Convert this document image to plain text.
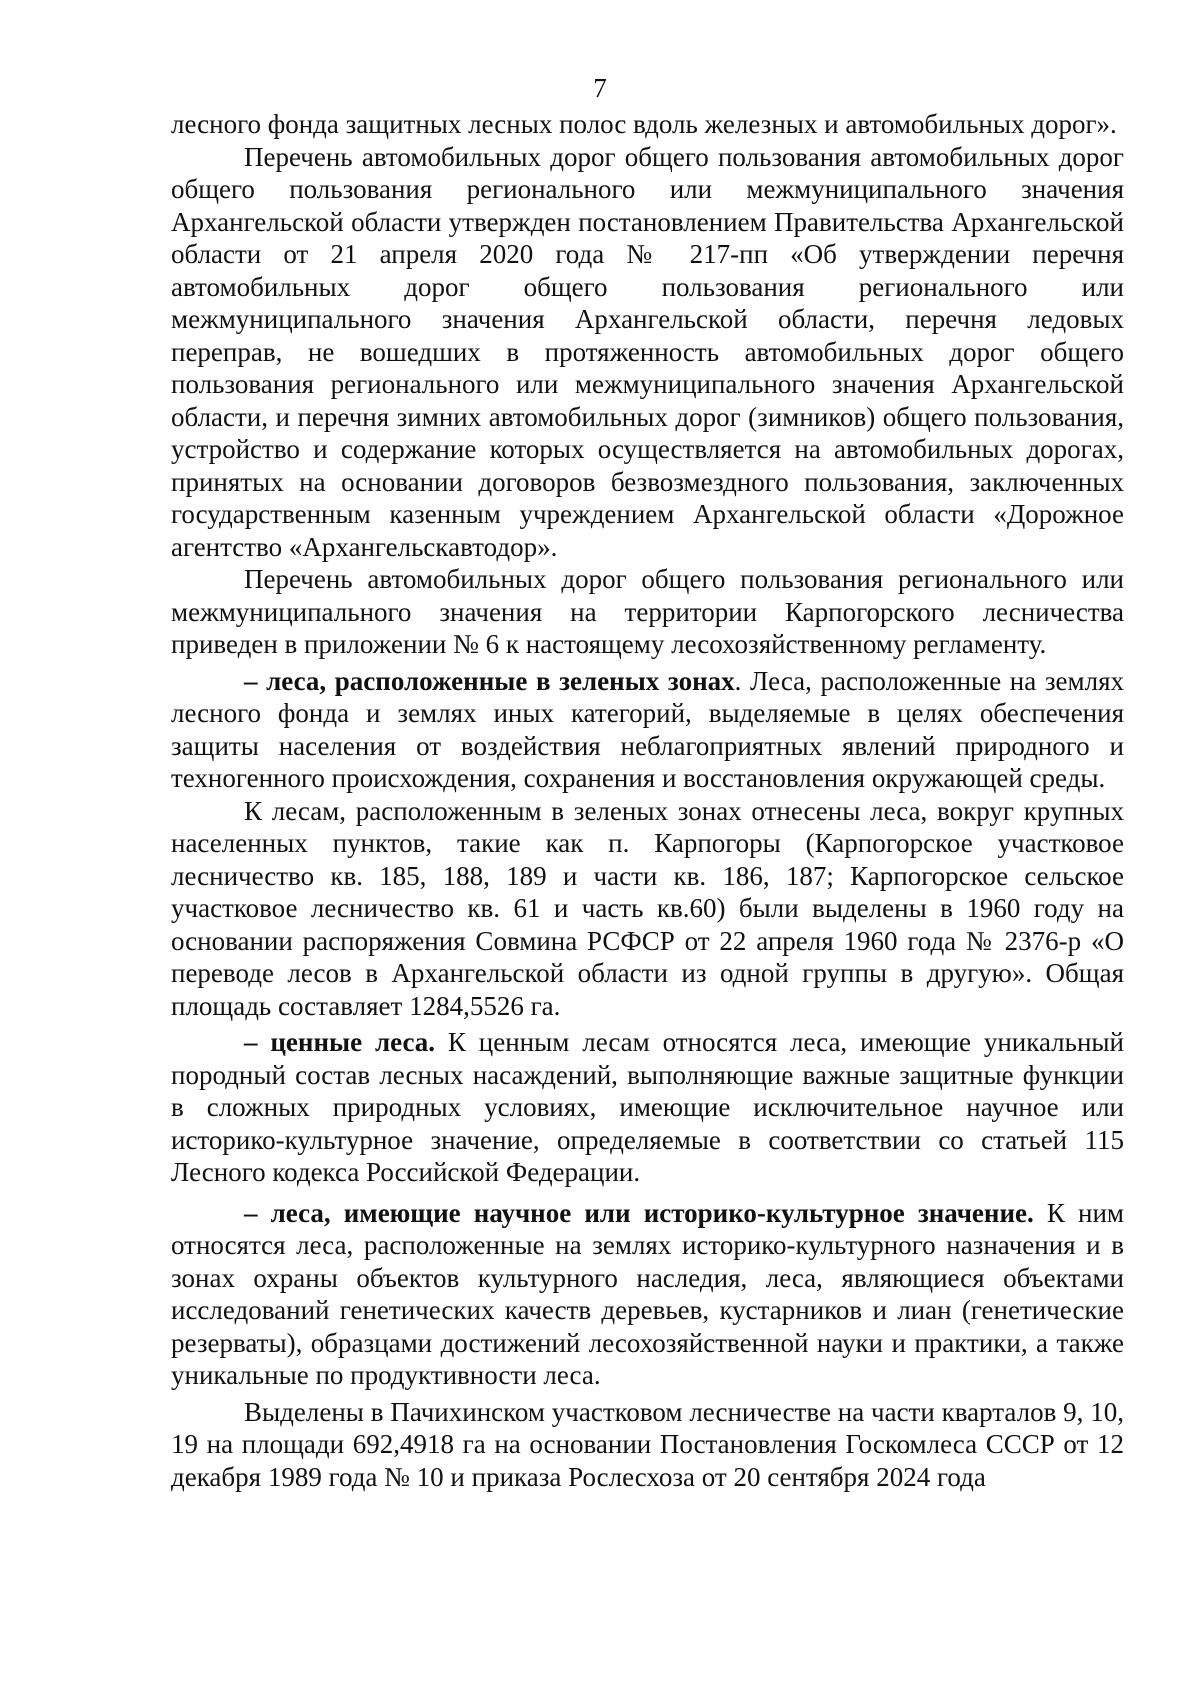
7

лесного фонда защитных лесных полос вдоль железных и автомобильных дорог».

Перечень автомобильных дорог общего пользования автомобильных дорог общего пользования регионального или межмуниципального значения Архангельской области утвержден постановлением Правительства Архангельской области от 21 апреля 2020 года № 217-пп «Об утверждении перечня автомобильных дорог общего пользования регионального или межмуниципального значения Архангельской области, перечня ледовых переправ, не вошедших в протяженность автомобильных дорог общего пользования регионального или межмуниципального значения Архангельской области, и перечня зимних автомобильных дорог (зимников) общего пользования, устройство и содержание которых осуществляется на автомобильных дорогах, принятых на основании договоров безвозмездного пользования, заключенных государственным казенным учреждением Архангельской области «Дорожное агентство «Архангельскавтодор».

Перечень автомобильных дорог общего пользования регионального или межмуниципального значения на территории Карпогорского лесничества приведен в приложении № 6 к настоящему лесохозяйственному регламенту.

– леса, расположенные в зеленых зонах. Леса, расположенные на землях лесного фонда и землях иных категорий, выделяемые в целях обеспечения защиты населения от воздействия неблагоприятных явлений природного и техногенного происхождения, сохранения и восстановления окружающей среды.

К лесам, расположенным в зеленых зонах отнесены леса, вокруг крупных населенных пунктов, такие как п. Карпогоры (Карпогорское участковое лесничество кв. 185, 188, 189 и части кв. 186, 187; Карпогорское сельское участковое лесничество кв. 61 и часть кв.60) были выделены в 1960 году на основании распоряжения Совмина РСФСР от 22 апреля 1960 года № 2376-р «О переводе лесов в Архангельской области из одной группы в другую». Общая площадь составляет 1284,5526 га.

– ценные леса. К ценным лесам относятся леса, имеющие уникальный породный состав лесных насаждений, выполняющие важные защитные функции в сложных природных условиях, имеющие исключительное научное или историко-культурное значение, определяемые в соответствии со статьей 115 Лесного кодекса Российской Федерации.

– леса, имеющие научное или историко-культурное значение. К ним относятся леса, расположенные на землях историко-культурного назначения и в зонах охраны объектов культурного наследия, леса, являющиеся объектами исследований генетических качеств деревьев, кустарников и лиан (генетические резерваты), образцами достижений лесохозяйственной науки и практики, а также уникальные по продуктивности леса.

Выделены в Пачихинском участковом лесничестве на части кварталов 9, 10, 19 на площади 692,4918 га на основании Постановления Госкомлеса СССР от 12 декабря 1989 года № 10 и приказа Рослесхоза от 20 сентября 2024 года
